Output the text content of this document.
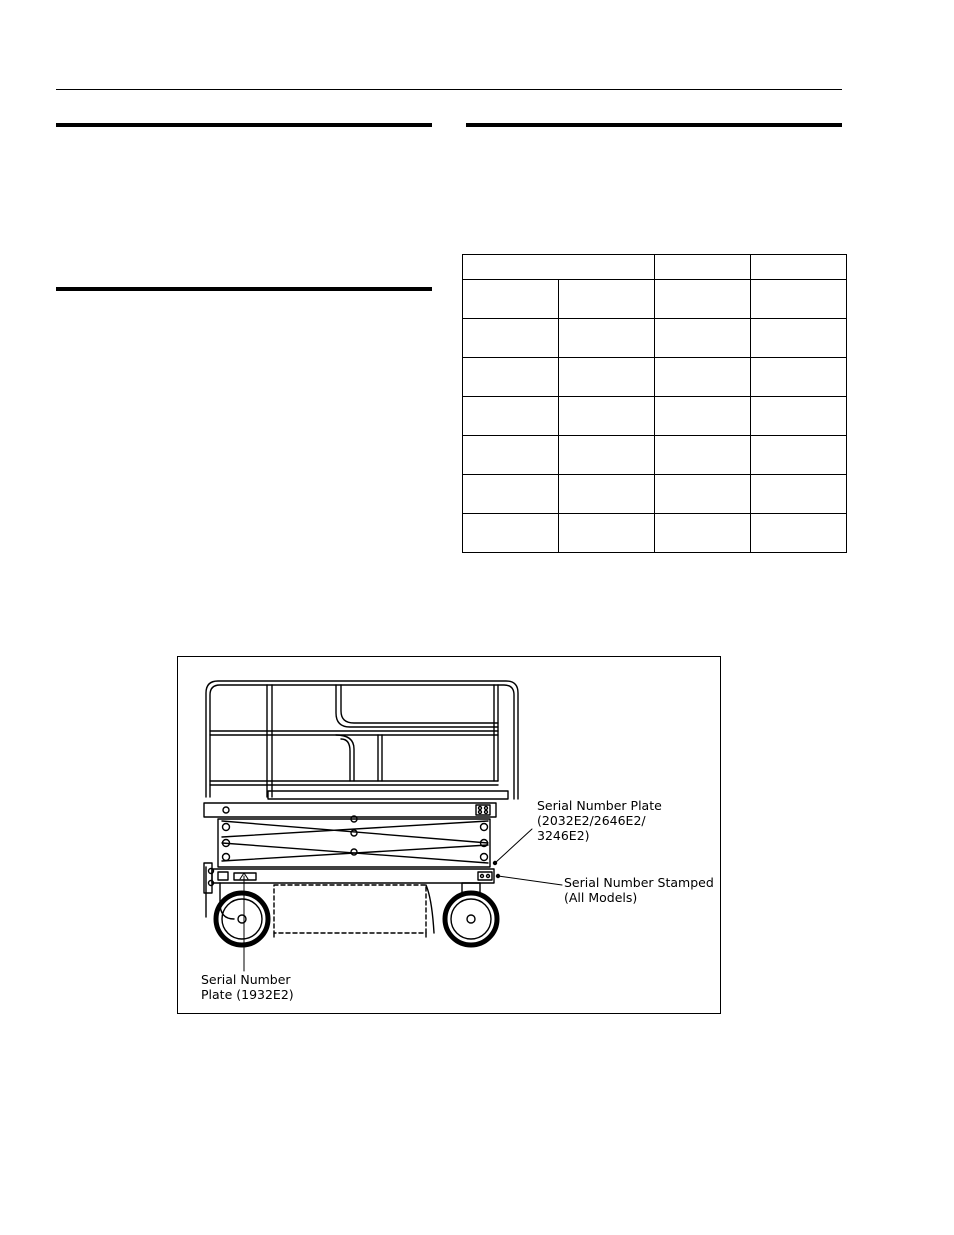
Serial Number Plate
(2032E2/2646E2/
3246E2)
Serial Number Stamped
(All Models)
Serial Number
Plate (1932E2)
